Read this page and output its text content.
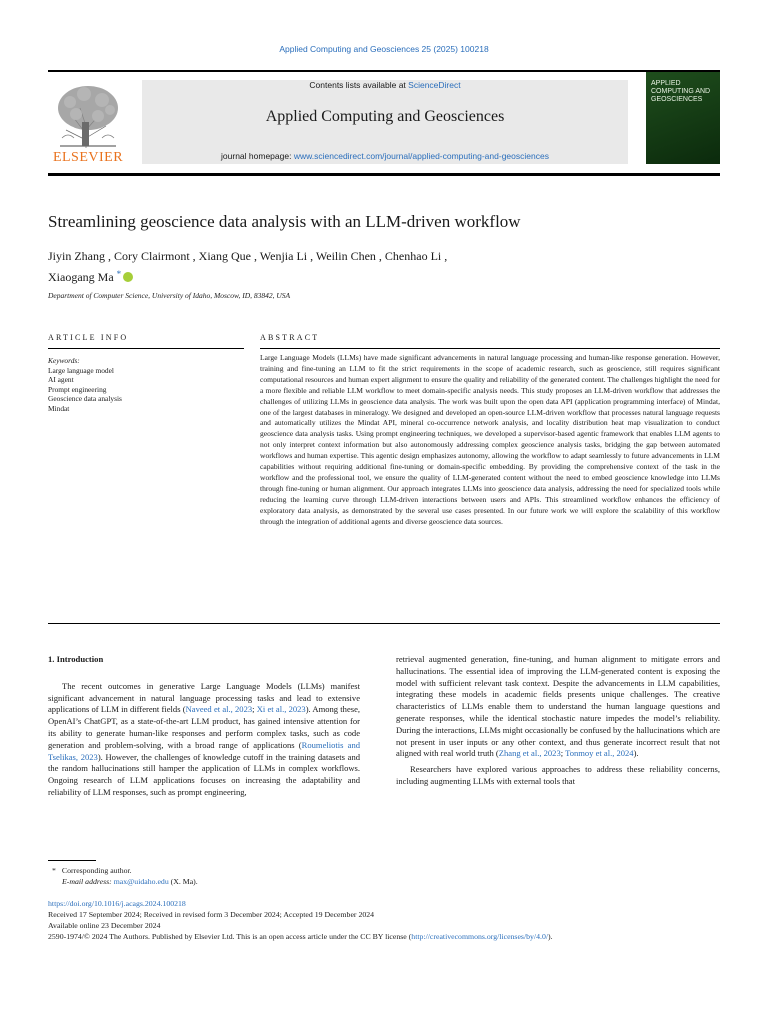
Applied Computing and Geosciences 25 (2025) 100218
ELSEVIER
Contents lists available at ScienceDirect
Applied Computing and Geosciences
journal homepage: www.sciencedirect.com/journal/applied-computing-and-geosciences
APPLIED COMPUTING AND
GEOSCIENCES
Streamlining geoscience data analysis with an LLM-driven workflow
Jiyin Zhang , Cory Clairmont , Xiang Que , Wenjia Li , Weilin Chen , Chenhao Li ,
Xiaogang Ma *
Department of Computer Science, University of Idaho, Moscow, ID, 83842, USA
ARTICLE INFO	ABSTRACT
Keywords:
Large language model
AI agent
Prompt engineering
Geoscience data analysis
Mindat
Large Language Models (LLMs) have made significant advancements in natural language processing and human-like response generation. However, training and fine-tuning an LLM to fit the strict requirements in the scope of academic research, such as geoscience, still requires significant computational resources and human expert alignment to ensure the quality and reliability of the generated content. The challenges highlight the need for a more flexible and reliable LLM workflow to meet domain-specific analysis needs. This study proposes an LLM-driven workflow that addresses the challenges of utilizing LLMs in geoscience data analysis. The work was built upon the open data API (application programming interface) of Mindat, one of the largest databases in mineralogy. We designed and developed an open-source LLM-driven workflow that processes natural language requests and automatically utilizes the Mindat API, mineral co-occurrence network analysis, and locality distribution heat map visualization to conduct geoscience data analysis tasks. Using prompt engineering techniques, we developed a supervisor-based agentic framework that enables LLM agents to not only interpret context information but also autonomously addressing complex geoscience analysis tasks, bridging the gap between automated workflows and human expertise. This agentic design emphasizes autonomy, allowing the workflow to adapt seamlessly to future advancements in LLM capabilities without requiring additional fine-tuning or domain-specific embedding. By providing the comprehensive context of the task in the workflow and the professional tool, we ensure the quality of LLM-generated content without the need to embed geoscience knowledge into LLMs through fine-tuning or human alignment. Our approach integrates LLMs into geoscience data analysis, addressing the need for specialized tools while reducing the learning curve through LLM-driven interactions between users and APIs. This streamlined workflow enhances the efficiency of exploratory data analysis, as demonstrated by the several use cases presented. In our future work we will explore the scalability of this workflow through the integration of additional agents and diverse geoscience data sources.

1. Introduction

The recent outcomes in generative Large Language Models (LLMs) manifest significant advancement in natural language processing tasks and lead to extensive applications of LLM in different fields (Naveed et al., 2023; Xi et al., 2023). Among these, OpenAI’s ChatGPT, as a state-of-the-art LLM product, has gained intensive attention for its ability to generate human-like responses and perform complex tasks, such as code generation and problem-solving, with a broad range of applications (Roumeliotis and Tselikas, 2023). However, the challenges of knowledge cutoff in the training datasets and the random hallucinations still hamper the application of LLMs in complex workflows. Ongoing research of LLM applications focuses on increasing the adaptability and reliability of LLM responses, such as prompt engineering,

retrieval augmented generation, fine-tuning, and human alignment to mitigate errors and hallucinations. The essential idea of improving the LLM-generated content is exposing the model with sufficient relevant task context. Despite the advancements in LLM capabilities, integrating these models in academic fields presents unique challenges. The creative characteristics of LLMs enable them to understand the human language questions and generate responses, while the identical stochastic nature impedes the model’s reliability. During the interactions, LLMs might occasionally be confused by the hallucinations which are not present in user inputs or any other context, and thus generate incorrect result that not aligned with real world truth (Zhang et al., 2023; Tonmoy et al., 2024).

Researchers have explored various approaches to address these reliability concerns, including augmenting LLMs with external tools that

* Corresponding author.
E-mail address: max@uidaho.edu (X. Ma).
https://doi.org/10.1016/j.acags.2024.100218
Received 17 September 2024; Received in revised form 3 December 2024; Accepted 19 December 2024
Available online 23 December 2024
2590-1974/© 2024 The Authors. Published by Elsevier Ltd. This is an open access article under the CC BY license (http://creativecommons.org/licenses/by/4.0/).
